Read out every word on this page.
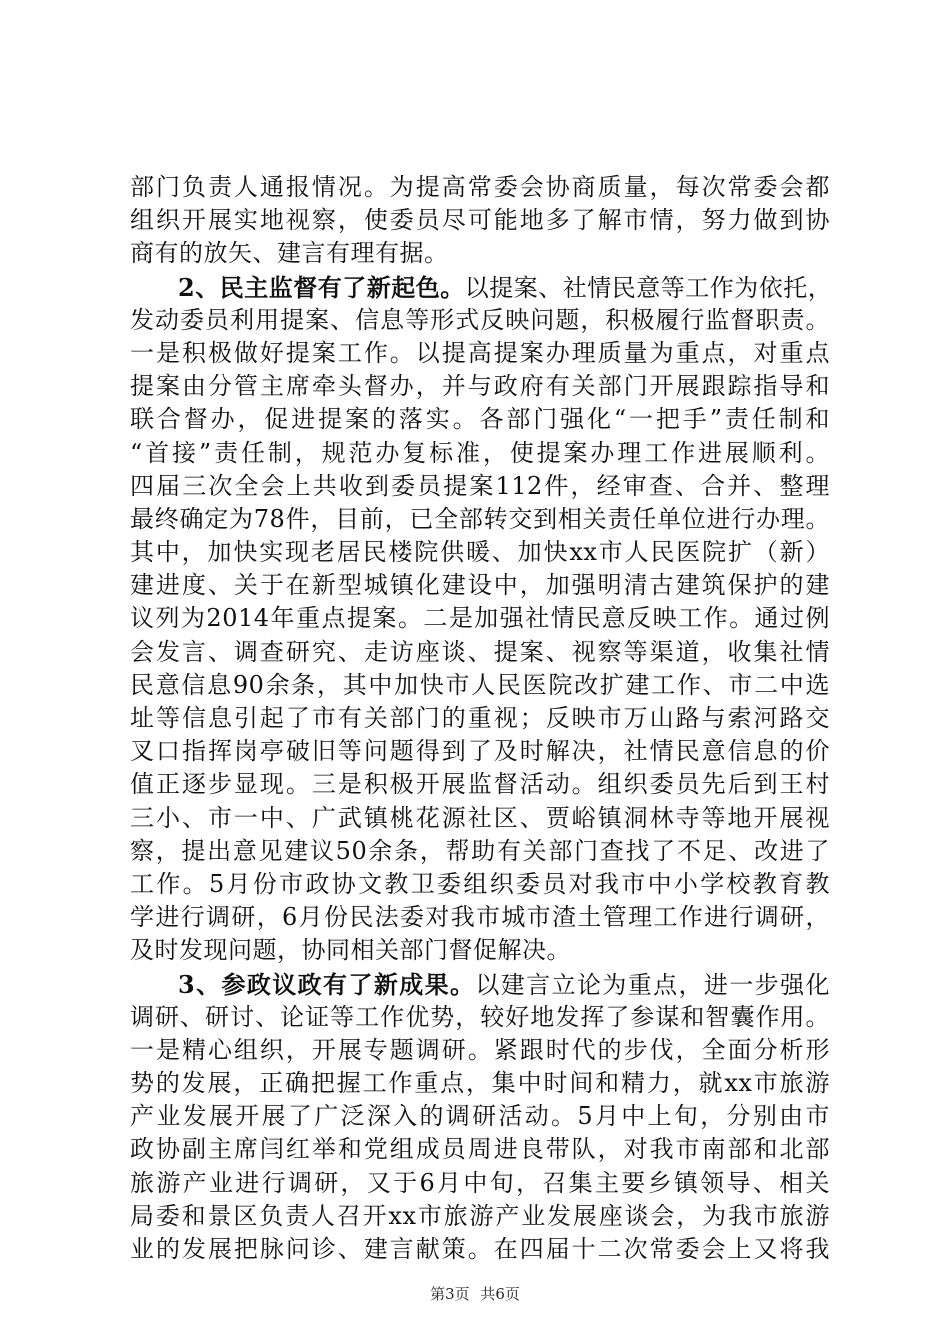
部门负责人通报情况。为提高常委会协商质量，每次常委会都
组织开展实地视察，使委员尽可能地多了解市情，努力做到协
商有的放矢、建言有理有据。
2、民主监督有了新起色。以提案、社情民意等工作为依托，
发动委员利用提案、信息等形式反映问题，积极履行监督职责。
一是积极做好提案工作。以提高提案办理质量为重点，对重点
提案由分管主席牵头督办，并与政府有关部门开展跟踪指导和
联合督办，促进提案的落实。各部门强化“一把手”责任制和
“首接”责任制，规范办复标准，使提案办理工作进展顺利。
四届三次全会上共收到委员提案112件，经审查、合并、整理
最终确定为78件，目前，已全部转交到相关责任单位进行办理。
其中，加快实现老居民楼院供暖、加快xx市人民医院扩（新）
建进度、关于在新型城镇化建设中，加强明清古建筑保护的建
议列为2014年重点提案。二是加强社情民意反映工作。通过例
会发言、调查研究、走访座谈、提案、视察等渠道，收集社情
民意信息90余条，其中加快市人民医院改扩建工作、市二中选
址等信息引起了市有关部门的重视；反映市万山路与索河路交
叉口指挥岗亭破旧等问题得到了及时解决，社情民意信息的价
值正逐步显现。三是积极开展监督活动。组织委员先后到王村
三小、市一中、广武镇桃花源社区、贾峪镇洞林寺等地开展视
察，提出意见建议50余条，帮助有关部门查找了不足、改进了
工作。5月份市政协文教卫委组织委员对我市中小学校教育教
学进行调研，6月份民法委对我市城市渣土管理工作进行调研，
及时发现问题，协同相关部门督促解决。
3、参政议政有了新成果。以建言立论为重点，进一步强化
调研、研讨、论证等工作优势，较好地发挥了参谋和智囊作用。
一是精心组织，开展专题调研。紧跟时代的步伐，全面分析形
势的发展，正确把握工作重点，集中时间和精力，就xx市旅游
产业发展开展了广泛深入的调研活动。5月中上旬，分别由市
政协副主席闫红举和党组成员周进良带队，对我市南部和北部
旅游产业进行调研，又于6月中旬，召集主要乡镇领导、相关
局委和景区负责人召开xx市旅游产业发展座谈会，为我市旅游
业的发展把脉问诊、建言献策。在四届十二次常委会上又将我
第3页 共6页
